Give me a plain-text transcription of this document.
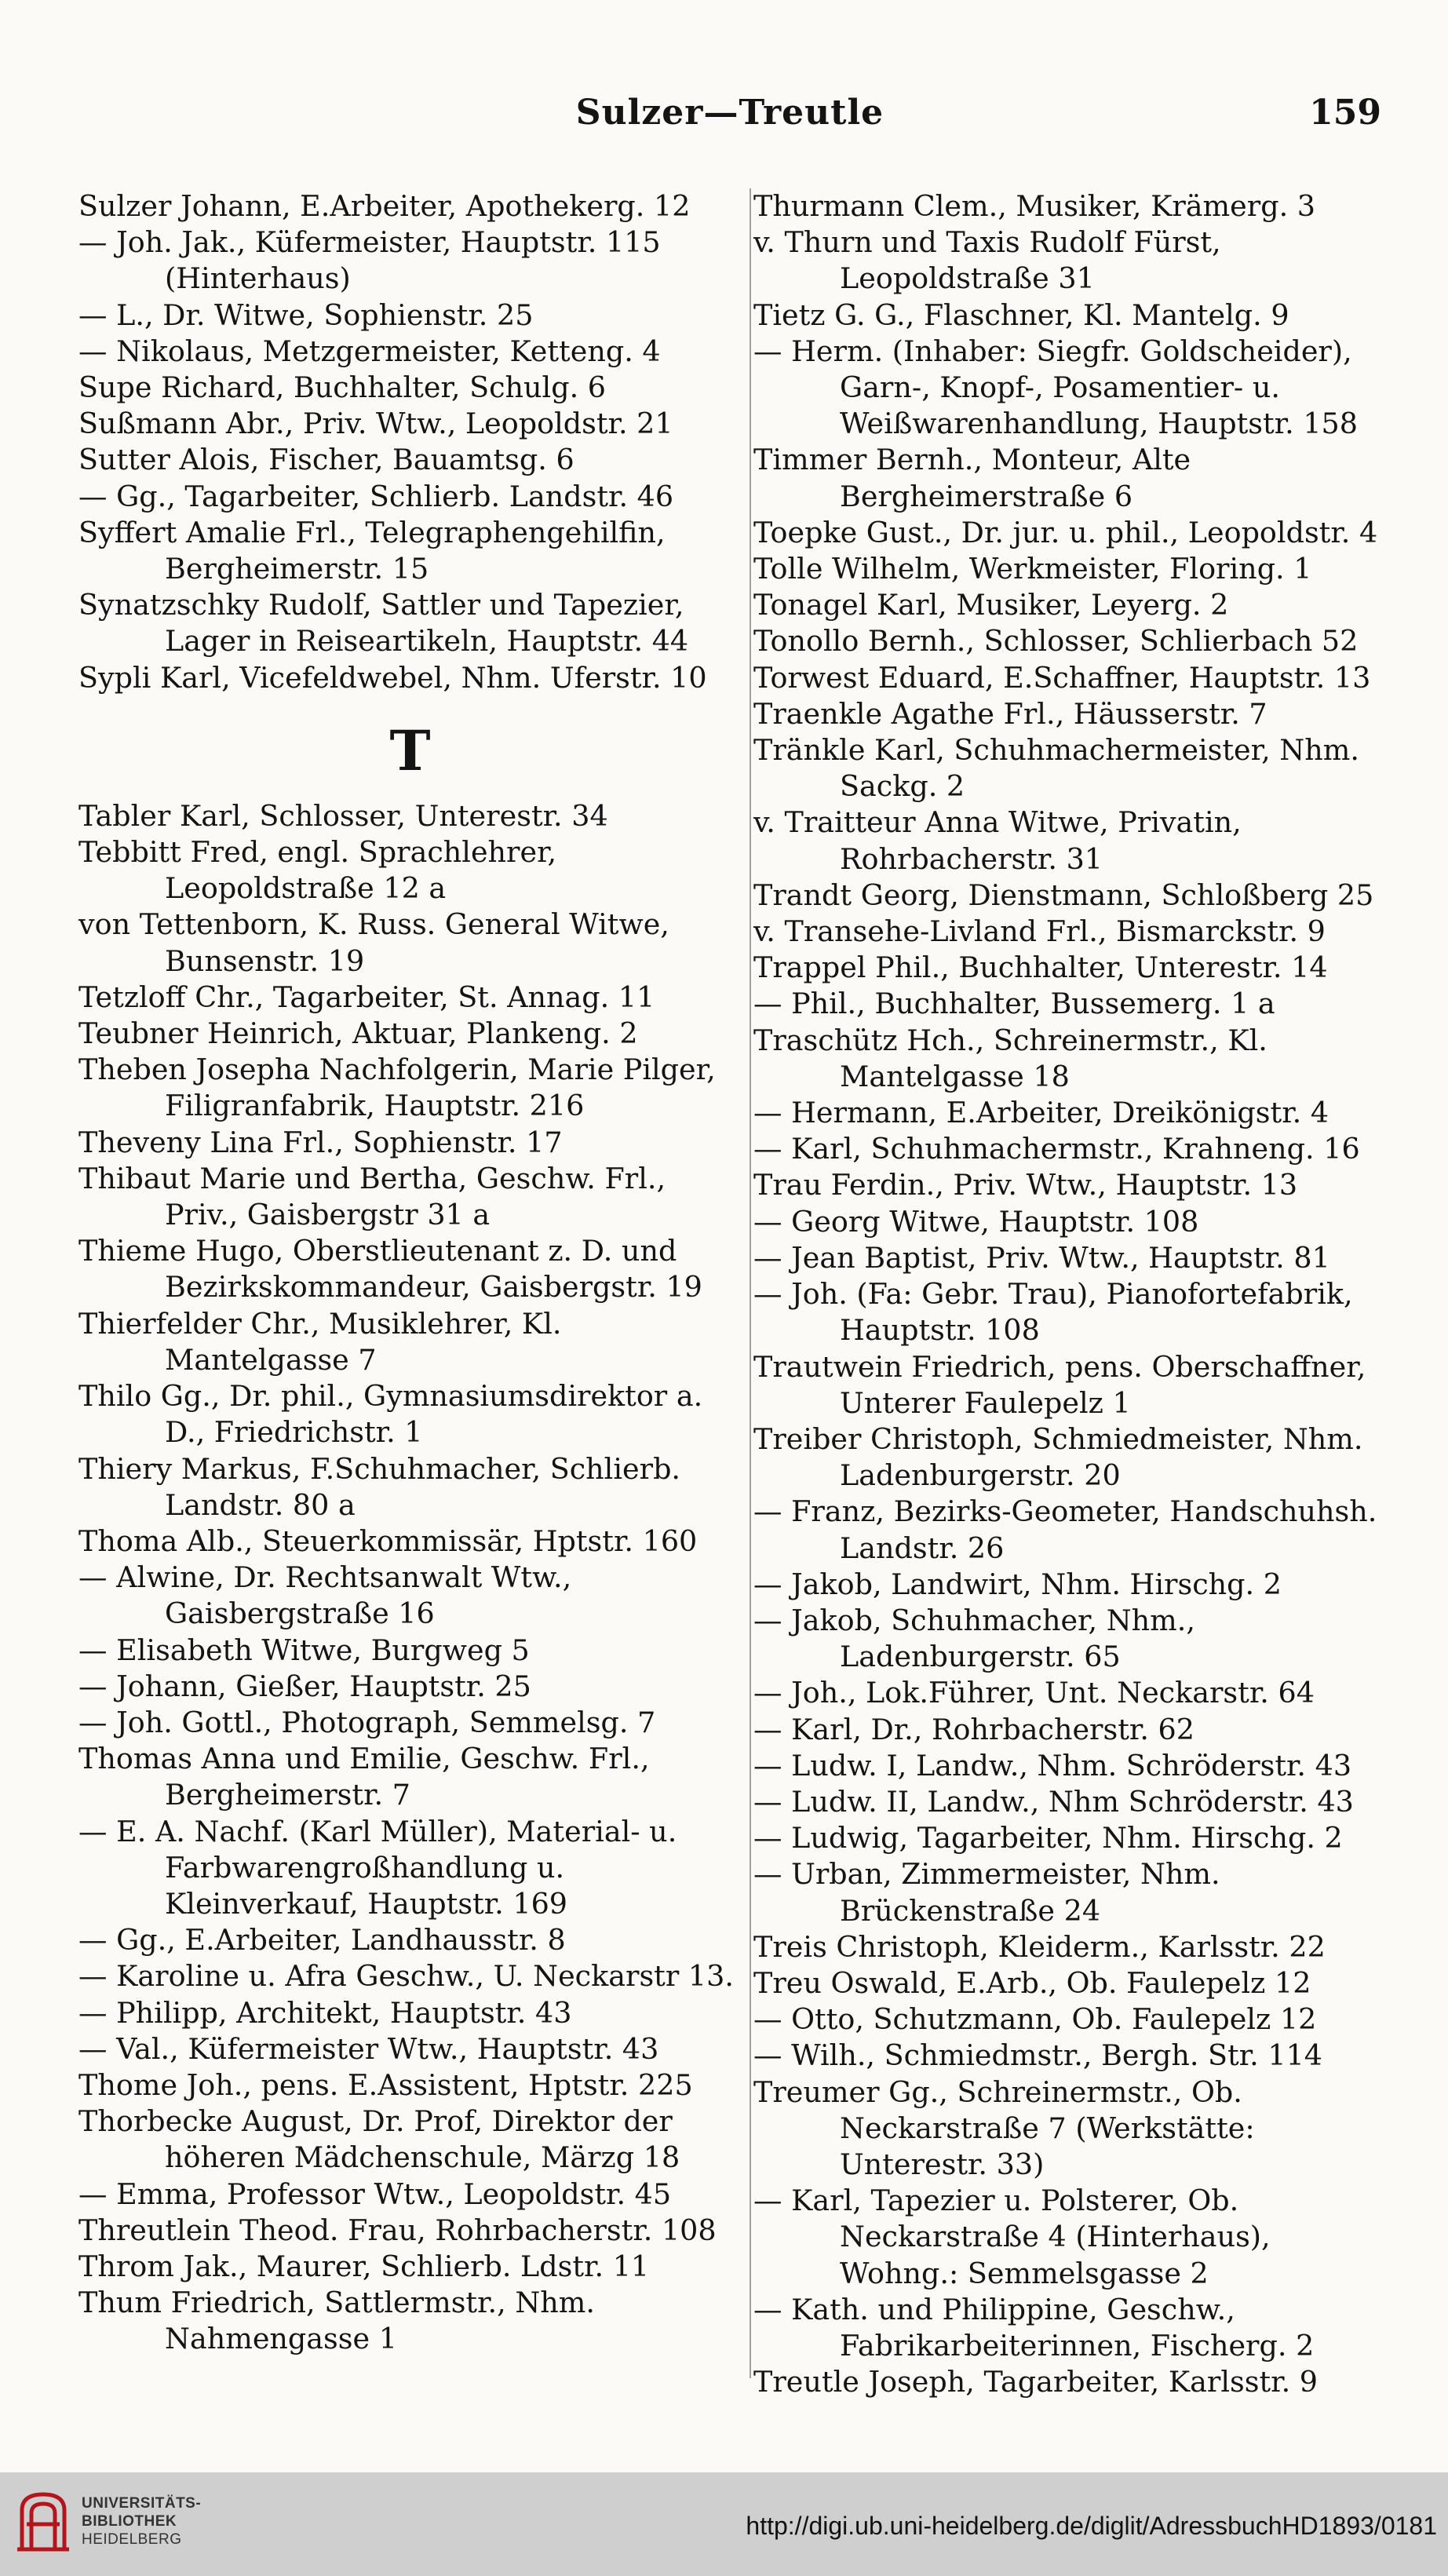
Sulzer—Treutle	159

Sulzer Johann, E.Arbeiter, Apothekerg. 12

— Joh. Jak., Küfermeister, Hauptstr. 115 (Hinterhaus)

— L., Dr. Witwe, Sophienstr. 25

— Nikolaus, Metzgermeister, Ketteng. 4

Supe Richard, Buchhalter, Schulg. 6

Sußmann Abr., Priv. Wtw., Leopoldstr. 21

Sutter Alois, Fischer, Bauamtsg. 6

— Gg., Tagarbeiter, Schlierb. Landstr. 46

Syffert Amalie Frl., Telegraphengehilfin, Bergheimerstr. 15

Synatzschky Rudolf, Sattler und Tapezier, Lager in Reiseartikeln, Hauptstr. 44

Sypli Karl, Vicefeldwebel, Nhm. Uferstr. 10

T

Tabler Karl, Schlosser, Unterestr. 34

Tebbitt Fred, engl. Sprachlehrer, Leopoldstraße 12 a

von Tettenborn, K. Russ. General Witwe, Bunsenstr. 19

Tetzloff Chr., Tagarbeiter, St. Annag. 11

Teubner Heinrich, Aktuar, Plankeng. 2

Theben Josepha Nachfolgerin, Marie Pilger, Filigranfabrik, Hauptstr. 216

Theveny Lina Frl., Sophienstr. 17

Thibaut Marie und Bertha, Geschw. Frl., Priv., Gaisbergstr 31 a

Thieme Hugo, Oberstlieutenant z. D. und Bezirkskommandeur, Gaisbergstr. 19

Thierfelder Chr., Musiklehrer, Kl. Mantelgasse 7

Thilo Gg., Dr. phil., Gymnasiumsdirektor a. D., Friedrichstr. 1

Thiery Markus, F.Schuhmacher, Schlierb. Landstr. 80 a

Thoma Alb., Steuerkommissär, Hptstr. 160

— Alwine, Dr. Rechtsanwalt Wtw., Gaisbergstraße 16

— Elisabeth Witwe, Burgweg 5

— Johann, Gießer, Hauptstr. 25

— Joh. Gottl., Photograph, Semmelsg. 7

Thomas Anna und Emilie, Geschw. Frl., Bergheimerstr. 7

— E. A. Nachf. (Karl Müller), Material- u. Farbwarengroßhandlung u. Kleinverkauf, Hauptstr. 169

— Gg., E.Arbeiter, Landhausstr. 8

— Karoline u. Afra Geschw., U. Neckarstr 13.

— Philipp, Architekt, Hauptstr. 43

— Val., Küfermeister Wtw., Hauptstr. 43

Thome Joh., pens. E.Assistent, Hptstr. 225

Thorbecke August, Dr. Prof, Direktor der höheren Mädchenschule, Märzg 18

— Emma, Professor Wtw., Leopoldstr. 45

Threutlein Theod. Frau, Rohrbacherstr. 108

Throm Jak., Maurer, Schlierb. Ldstr. 11

Thum Friedrich, Sattlermstr., Nhm. Nahmengasse 1

Thurmann Clem., Musiker, Krämerg. 3

v. Thurn und Taxis Rudolf Fürst, Leopoldstraße 31

Tietz G. G., Flaschner, Kl. Mantelg. 9

— Herm. (Inhaber: Siegfr. Goldscheider), Garn-, Knopf-, Posamentier- u. Weißwarenhandlung, Hauptstr. 158

Timmer Bernh., Monteur, Alte Bergheimerstraße 6

Toepke Gust., Dr. jur. u. phil., Leopoldstr. 4

Tolle Wilhelm, Werkmeister, Floring. 1

Tonagel Karl, Musiker, Leyerg. 2

Tonollo Bernh., Schlosser, Schlierbach 52

Torwest Eduard, E.Schaffner, Hauptstr. 13

Traenkle Agathe Frl., Häusserstr. 7

Tränkle Karl, Schuhmachermeister, Nhm. Sackg. 2

v. Traitteur Anna Witwe, Privatin, Rohrbacherstr. 31

Trandt Georg, Dienstmann, Schloßberg 25

v. Transehe-Livland Frl., Bismarckstr. 9

Trappel Phil., Buchhalter, Unterestr. 14

— Phil., Buchhalter, Bussemerg. 1 a

Traschütz Hch., Schreinermstr., Kl. Mantelgasse 18

— Hermann, E.Arbeiter, Dreikönigstr. 4

— Karl, Schuhmachermstr., Krahneng. 16

Trau Ferdin., Priv. Wtw., Hauptstr. 13

— Georg Witwe, Hauptstr. 108

— Jean Baptist, Priv. Wtw., Hauptstr. 81

— Joh. (Fa: Gebr. Trau), Pianofortefabrik, Hauptstr. 108

Trautwein Friedrich, pens. Oberschaffner, Unterer Faulepelz 1

Treiber Christoph, Schmiedmeister, Nhm. Ladenburgerstr. 20

— Franz, Bezirks-Geometer, Handschuhsh. Landstr. 26

— Jakob, Landwirt, Nhm. Hirschg. 2

— Jakob, Schuhmacher, Nhm., Ladenburgerstr. 65

— Joh., Lok.Führer, Unt. Neckarstr. 64

— Karl, Dr., Rohrbacherstr. 62

— Ludw. I, Landw., Nhm. Schröderstr. 43

— Ludw. II, Landw., Nhm Schröderstr. 43

— Ludwig, Tagarbeiter, Nhm. Hirschg. 2

— Urban, Zimmermeister, Nhm. Brückenstraße 24

Treis Christoph, Kleiderm., Karlsstr. 22

Treu Oswald, E.Arb., Ob. Faulepelz 12

— Otto, Schutzmann, Ob. Faulepelz 12

— Wilh., Schmiedmstr., Bergh. Str. 114

Treumer Gg., Schreinermstr., Ob. Neckarstraße 7 (Werkstätte: Unterestr. 33)

— Karl, Tapezier u. Polsterer, Ob. Neckarstraße 4 (Hinterhaus), Wohng.: Semmelsgasse 2

— Kath. und Philippine, Geschw., Fabrikarbeiterinnen, Fischerg. 2

Treutle Joseph, Tagarbeiter, Karlsstr. 9

UNIVERSITÄTS-
BIBLIOTHEK
HEIDELBERG	http://digi.ub.uni-heidelberg.de/diglit/AdressbuchHD1893/0181
